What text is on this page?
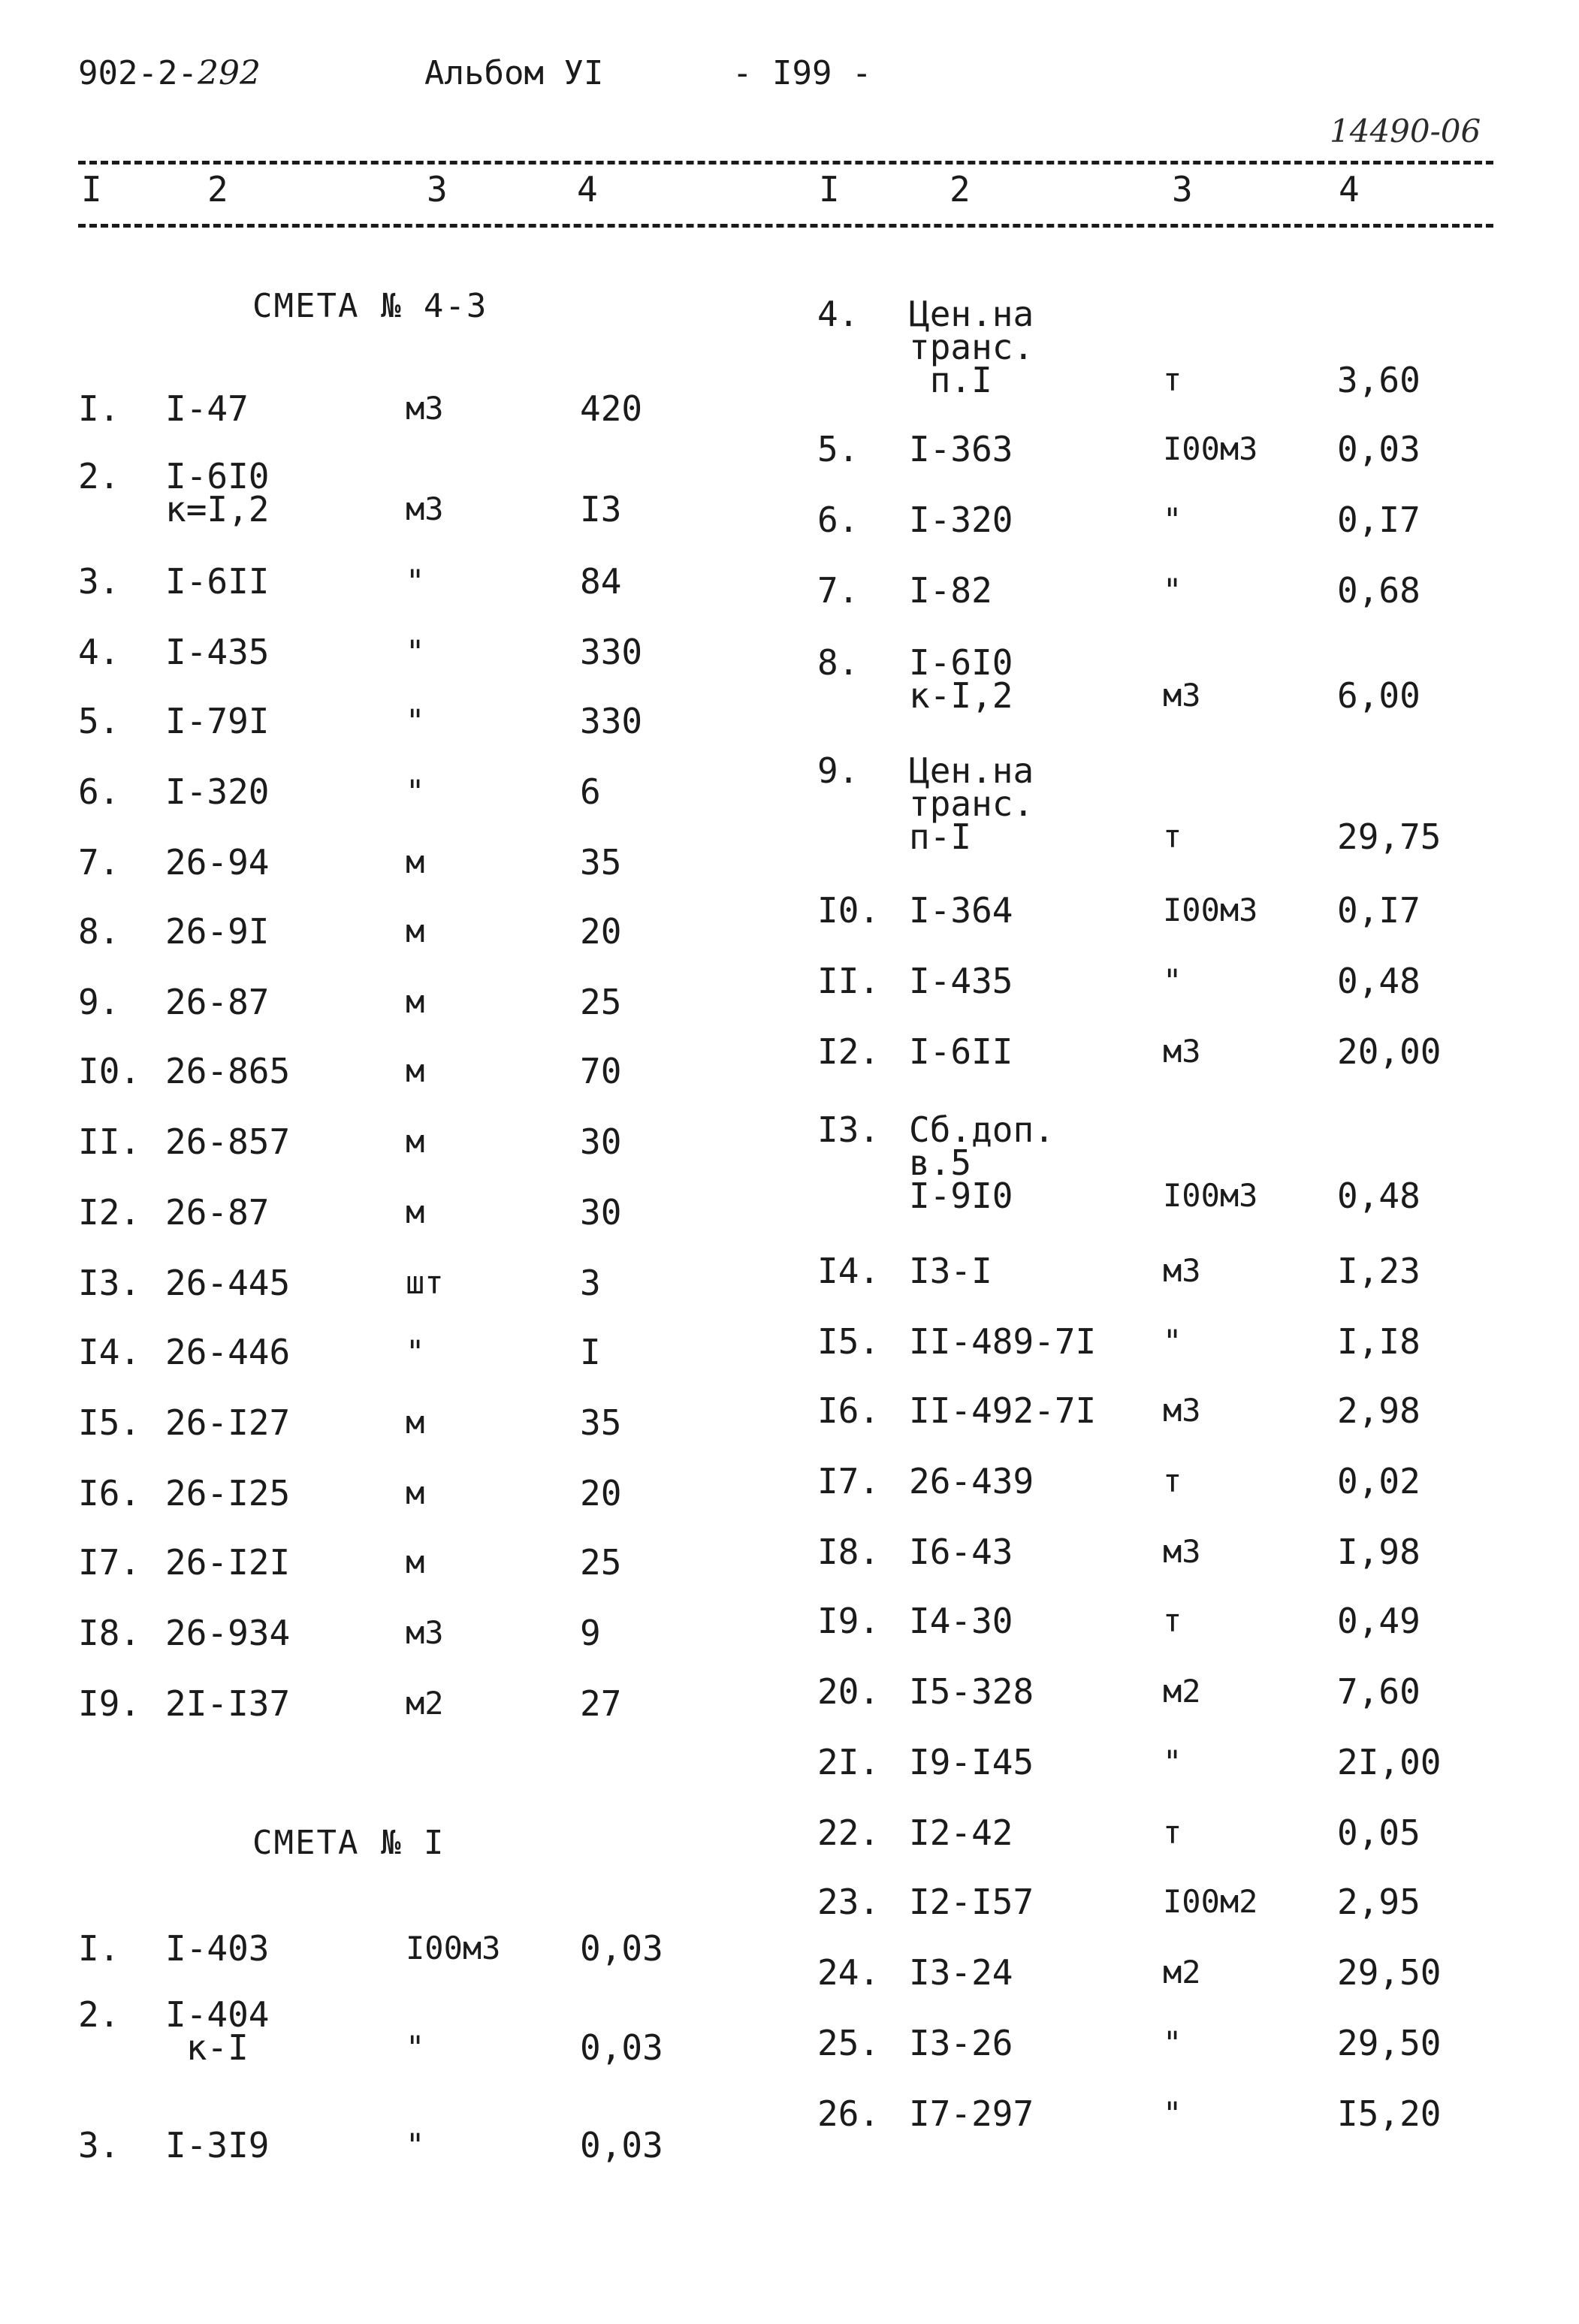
902-2-292	Альбом УI	- I99 -
14490-06
I	2	3	4	I	2	3	4
СМЕТА № 4-3
СМЕТА № I
I. I-47	м3	420
2. I-6I0
к=I,2	м3	I3
3. I-6II	"	84
4. I-435	"	330
5. I-79I	"	330
6. I-320	"	6
7. 26-94	м	35
8. 26-9I	м	20
9. 26-87	м	25
I0. 26-865	м	70
II. 26-857	м	30
I2. 26-87	м	30
I3. 26-445	шт	3
I4. 26-446	"	I
I5. 26-I27	м	35
I6. 26-I25	м	20
I7. 26-I2I	м	25
I8. 26-934	м3	9
I9. 2I-I37	м2	27
I. I-403	I00м3 0,03
2. I-404
к-I	"	0,03
3. I-3I9	"	0,03
4. Цен.на
транс.
п.I	т	3,60
5. I-363	I00м3 0,03
6. I-320	"	0,I7
7. I-82	"	0,68
8. I-6I0
к-I,2	м3	6,00
9. Цен.на
транс.
п-I	т	29,75
I0. I-364	I00м3 0,I7
II. I-435	"	0,48
I2. I-6II	м3	20,00
I3. Сб.доп.
в.5
I-9I0	I00м3 0,48
I4. I3-I	м3	I,23
I5. II-489-7I "	I,I8
I6. II-492-7I м3	2,98
I7. 26-439	т	0,02
I8. I6-43	м3	I,98
I9. I4-30	т	0,49
20. I5-328	м2	7,60
2I. I9-I45	"	2I,00
22. I2-42	т	0,05
23. I2-I57	I00м2 2,95
24. I3-24	м2	29,50
25. I3-26	"	29,50
26. I7-297	"	I5,20
